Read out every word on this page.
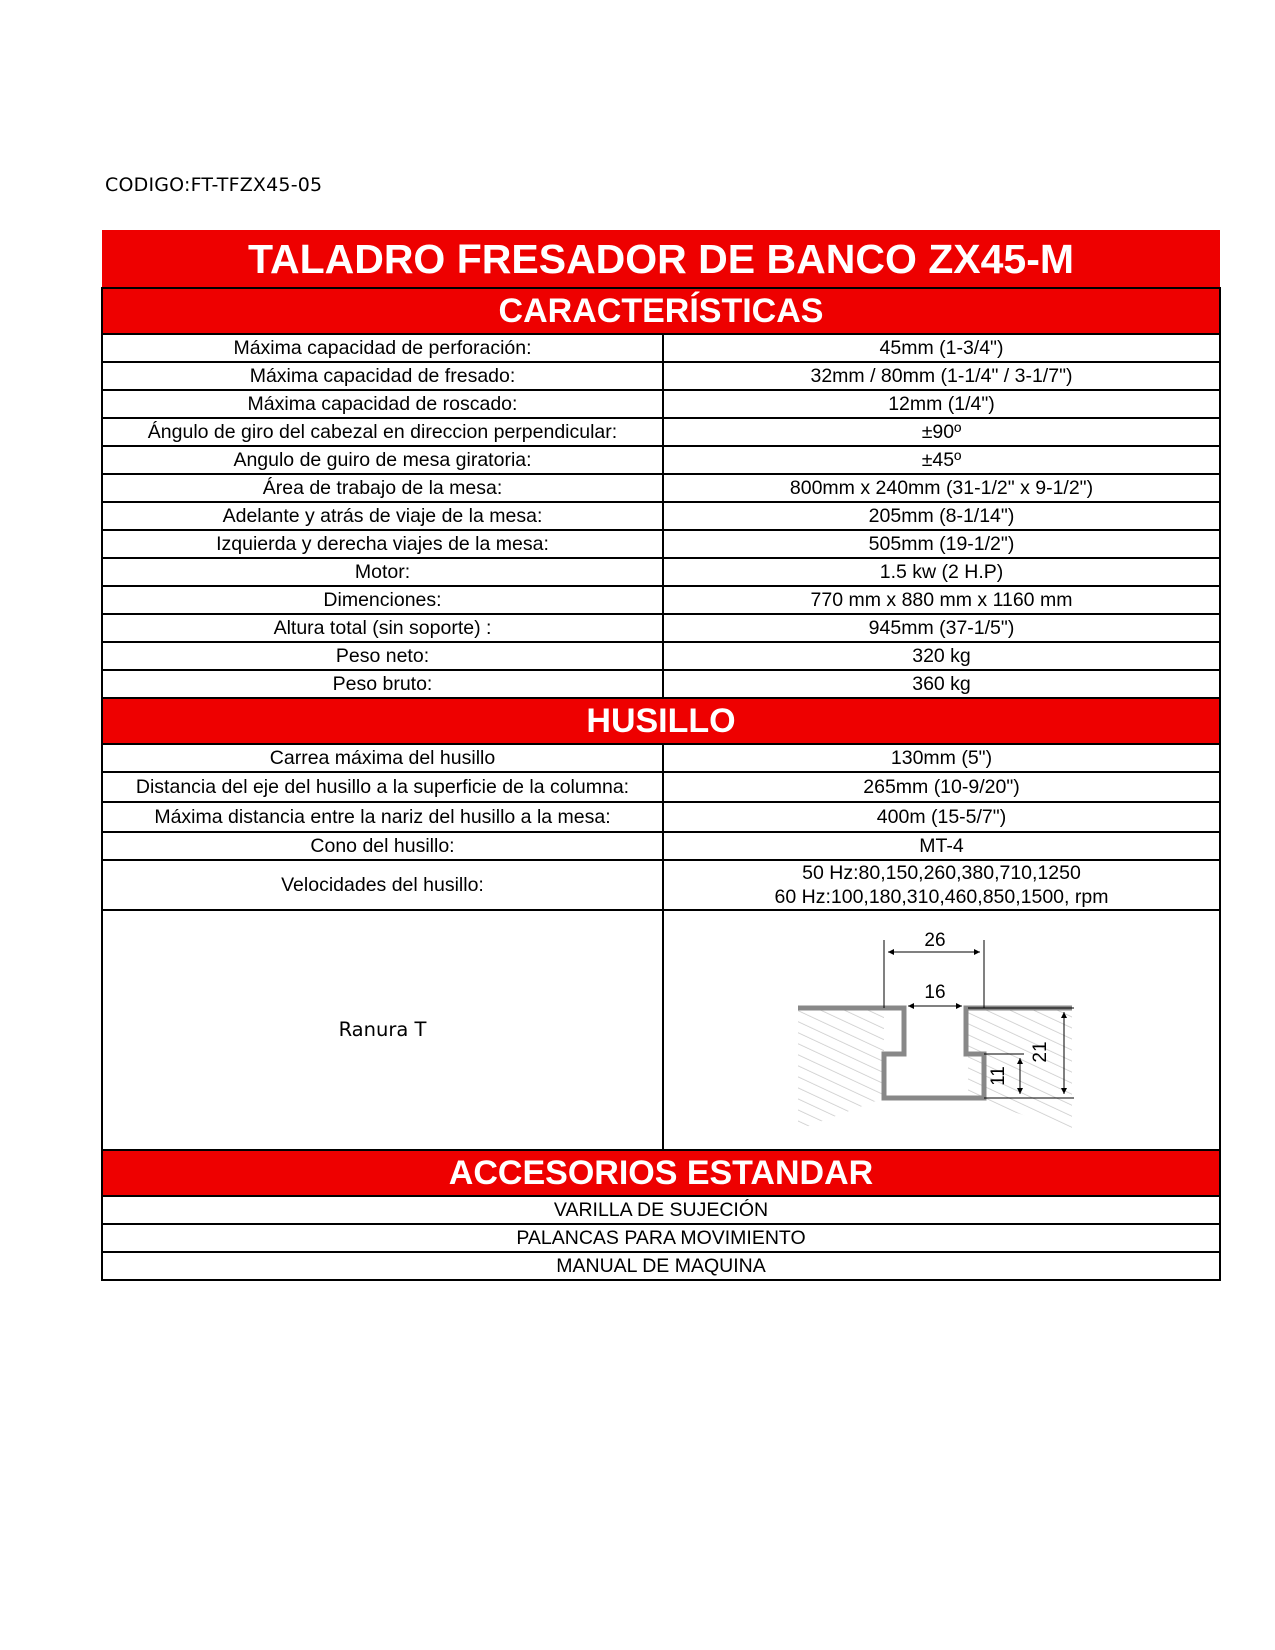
CODIGO:FT-TFZX45-05
TALADRO FRESADOR DE BANCO ZX45-M	
CARACTERÍSTICAS	
Máxima capacidad de perforación:	45mm (1-3/4")
Máxima capacidad de fresado:	32mm / 80mm (1-1/4" / 3-1/7")
Máxima capacidad de roscado:	12mm (1/4")
Ángulo de giro del cabezal en direccion perpendicular:	±90º
Angulo de guiro de mesa giratoria:	±45º
Área de trabajo de la mesa:	800mm x 240mm (31-1/2" x 9-1/2")
Adelante y atrás de viaje de la mesa:	205mm (8-1/14")
Izquierda y derecha viajes de la mesa:	505mm (19-1/2")
Motor:	1.5 kw (2 H.P)
Dimenciones:	770 mm x 880 mm x 1160 mm
Altura total (sin soporte) :	945mm (37-1/5")
Peso neto:	320 kg
Peso bruto:	360 kg
HUSILLO	
Carrea máxima del husillo	130mm (5")
Distancia del eje del husillo a la superficie de la columna:	265mm (10-9/20")
Máxima distancia entre la nariz del husillo a la mesa:	400m (15-5/7")
Cono del husillo:	MT-4
Velocidades del husillo:	50 Hz:80,150,260,380,710,1250
60 Hz:100,180,310,460,850,1500, rpm

Ranura T	26
16
21
11

ACCESORIOS ESTANDAR	
VARILLA DE SUJECIÓN	
PALANCAS PARA MOVIMIENTO	
MANUAL DE MAQUINA	
